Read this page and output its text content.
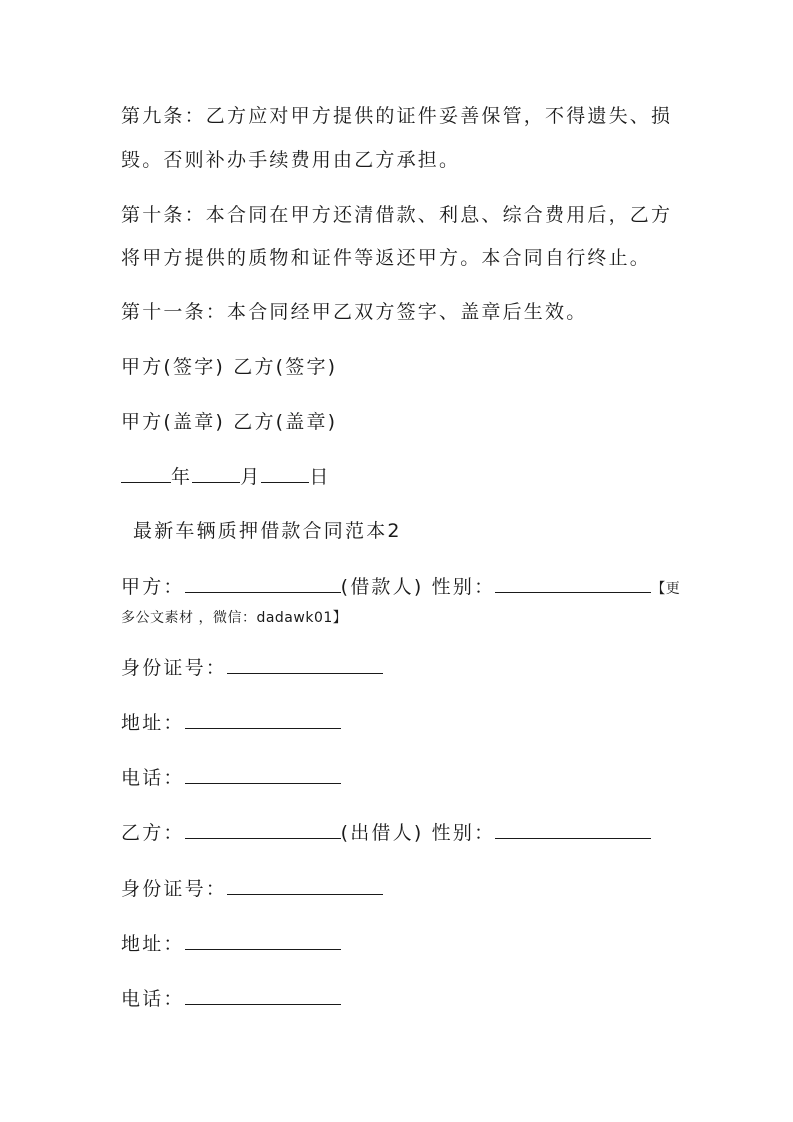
第九条：乙方应对甲方提供的证件妥善保管，不得遗失、损
毁。否则补办手续费用由乙方承担。
第十条：本合同在甲方还清借款、利息、综合费用后，乙方
将甲方提供的质物和证件等返还甲方。本合同自行终止。
第十一条：本合同经甲乙双方签字、盖章后生效。
甲方(签字) 乙方(签字)
甲方(盖章) 乙方(盖章)
年	月	日
最新车辆质押借款合同范本2
甲方：	(借款人) 性别：	【更
多公文素材 ，微信：dadawk01】
身份证号：
地址：
电话：
乙方：	(出借人) 性别：
身份证号：
地址：
电话：
